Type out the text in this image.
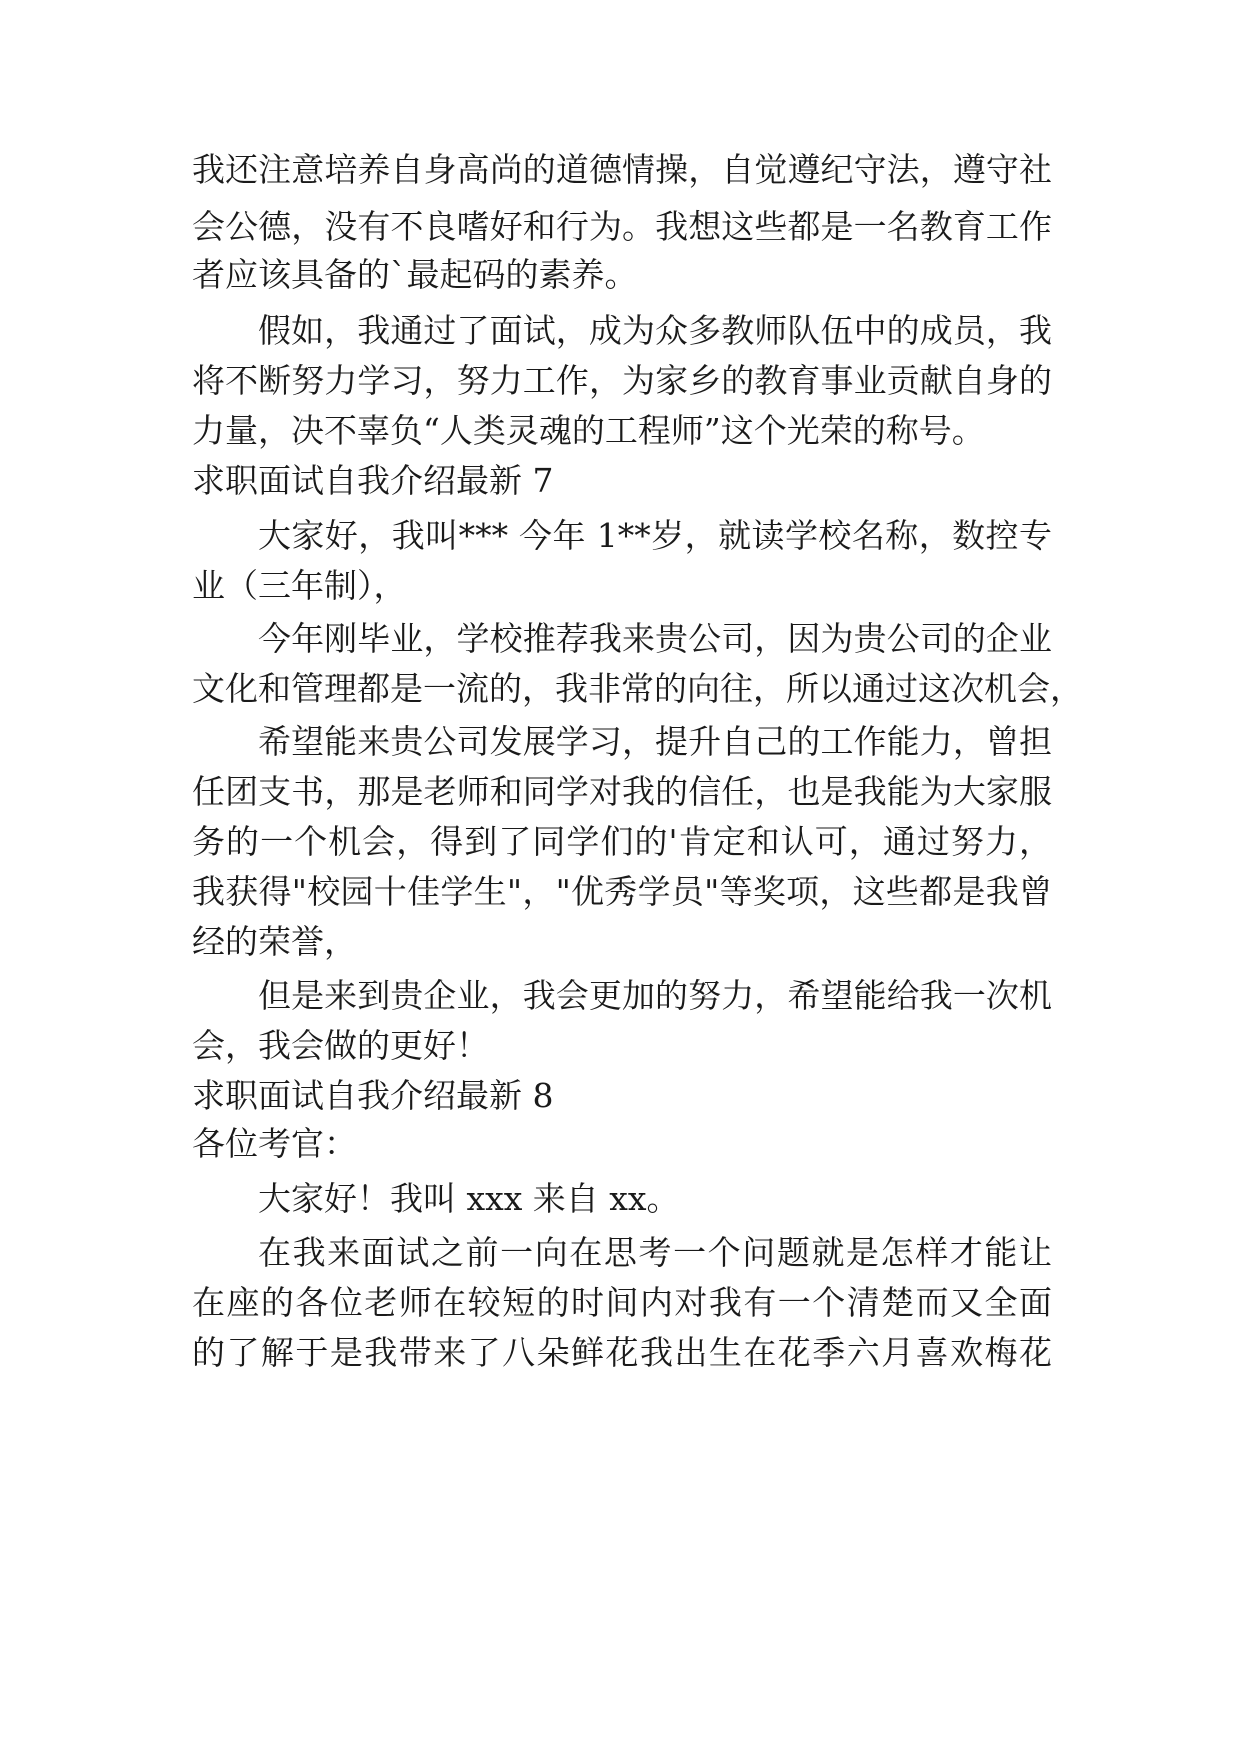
我还注意培养自身高尚的道德情操，自觉遵纪守法，遵守社
会公德，没有不良嗜好和行为。我想这些都是一名教育工作
者应该具备的`最起码的素养。
假如，我通过了面试，成为众多教师队伍中的成员，我
将不断努力学习，努力工作，为家乡的教育事业贡献自身的
力量，决不辜负“人类灵魂的工程师”这个光荣的称号。
求职面试自我介绍最新 7
大家好，我叫*** 今年 1**岁，就读学校名称，数控专
业（三年制），
今年刚毕业，学校推荐我来贵公司，因为贵公司的企业
文化和管理都是一流的，我非常的向往，所以通过这次机会，
希望能来贵公司发展学习，提升自己的工作能力，曾担
任团支书，那是老师和同学对我的信任，也是我能为大家服
务的一个机会，得到了同学们的'肯定和认可，通过努力，
我获得"校园十佳学生"，"优秀学员"等奖项，这些都是我曾
经的荣誉，
但是来到贵企业，我会更加的努力，希望能给我一次机
会，我会做的更好！
求职面试自我介绍最新 8
各位考官：
大家好！我叫 xxx 来自 xx。
在我来面试之前一向在思考一个问题就是怎样才能让
在座的各位老师在较短的时间内对我有一个清楚而又全面
的了解于是我带来了八朵鲜花我出生在花季六月喜欢梅花
